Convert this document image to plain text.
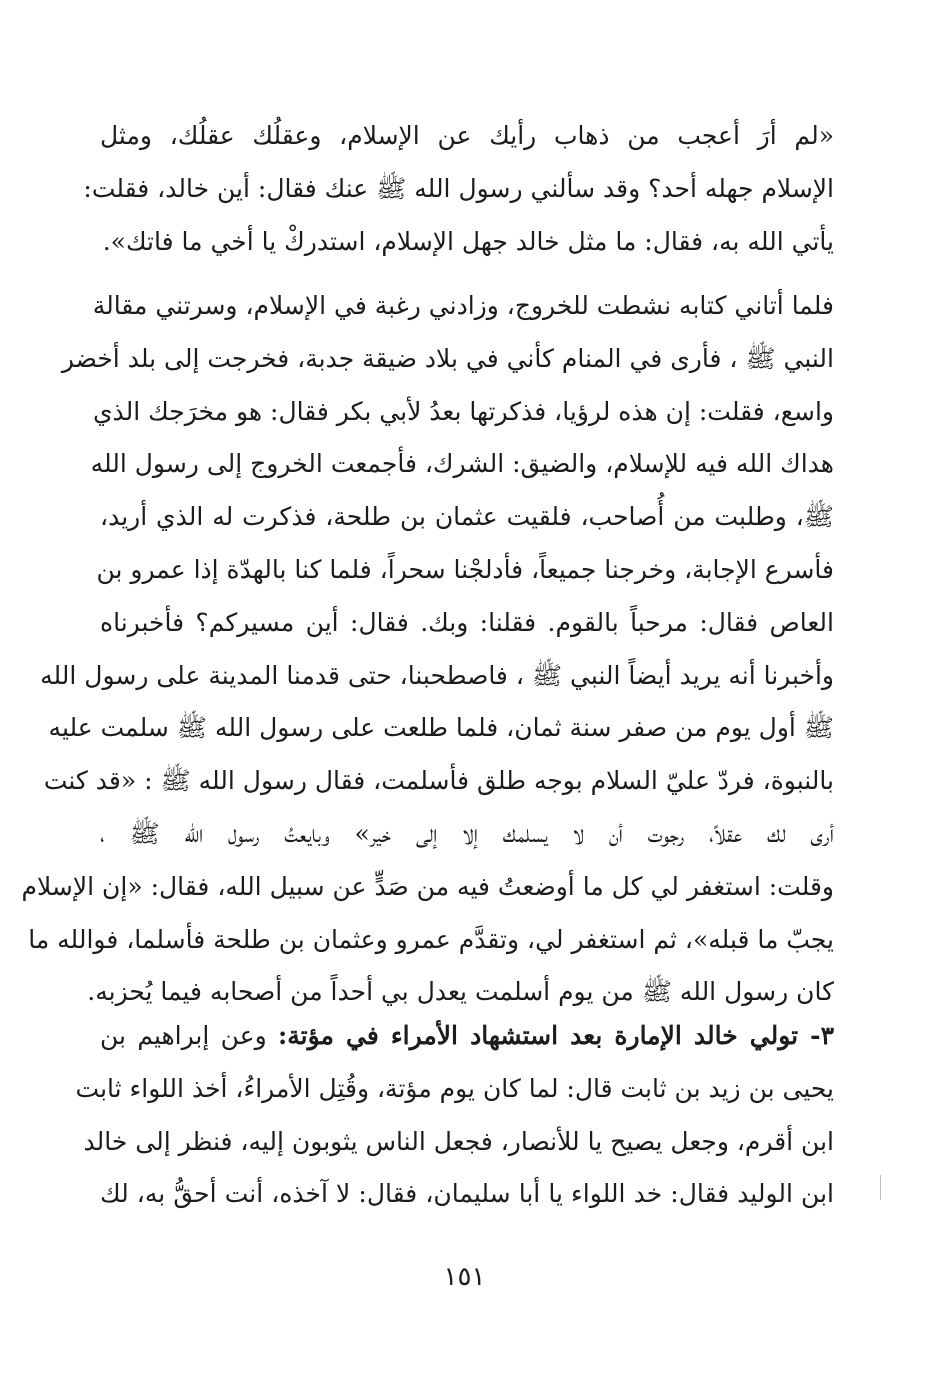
«لم أرَ أعجب من ذهاب رأيك عن الإسلام، وعقلُك عقلُك، ومثل
الإسلام جهله أحد؟ وقد سألني رسول الله ﷺ عنك فقال: أين خالد، فقلت:
يأتي الله به، فقال: ما مثل خالد جهل الإسلام، استدركْ يا أخي ما فاتك».
فلما أتاني كتابه نشطت للخروج، وزادني رغبة في الإسلام، وسرتني مقالة
النبي ﷺ ، فأرى في المنام كأني في بلاد ضيقة جدبة، فخرجت إلى بلد أخضر
واسع، فقلت: إن هذه لرؤيا، فذكرتها بعدُ لأبي بكر فقال: هو مخرَجك الذي
هداك الله فيه للإسلام، والضيق: الشرك، فأجمعت الخروج إلى رسول الله
ﷺ، وطلبت من أُصاحب، فلقيت عثمان بن طلحة، فذكرت له الذي أريد،
فأسرع الإجابة، وخرجنا جميعاً، فأدلجْنا سحراً، فلما كنا بالهدّة إذا عمرو بن
العاص فقال: مرحباً بالقوم. فقلنا: وبك. فقال: أين مسيركم؟ فأخبرناه
وأخبرنا أنه يريد أيضاً النبي ﷺ ، فاصطحبنا، حتى قدمنا المدينة على رسول الله
ﷺ أول يوم من صفر سنة ثمان، فلما طلعت على رسول الله ﷺ سلمت عليه
بالنبوة، فردّ عليّ السلام بوجه طلق فأسلمت، فقال رسول الله ﷺ : «قد كنت
أرى لك عقلاً، رجوت أن لا يسلمك إلا إلى خير» وبايعتُ رسول الله ﷺ ،
وقلت: استغفر لي كل ما أوضعتُ فيه من صَدٍّ عن سبيل الله، فقال: «إن الإسلام
يجبّ ما قبله»، ثم استغفر لي، وتقدَّم عمرو وعثمان بن طلحة فأسلما، فوالله ما
كان رسول الله ﷺ من يوم أسلمت يعدل بي أحداً من أصحابه فيما يُحزبه.
٣- تولي خالد الإمارة بعد استشهاد الأمراء في مؤتة: وعن إبراهيم بن
يحيى بن زيد بن ثابت قال: لما كان يوم مؤتة، وقُتِل الأمراءُ، أخذ اللواء ثابت
ابن أقرم، وجعل يصيح يا للأنصار، فجعل الناس يثوبون إليه، فنظر إلى خالد
ابن الوليد فقال: خد اللواء يا أبا سليمان، فقال: لا آخذه، أنت أحقُّ به، لك
١٥١
